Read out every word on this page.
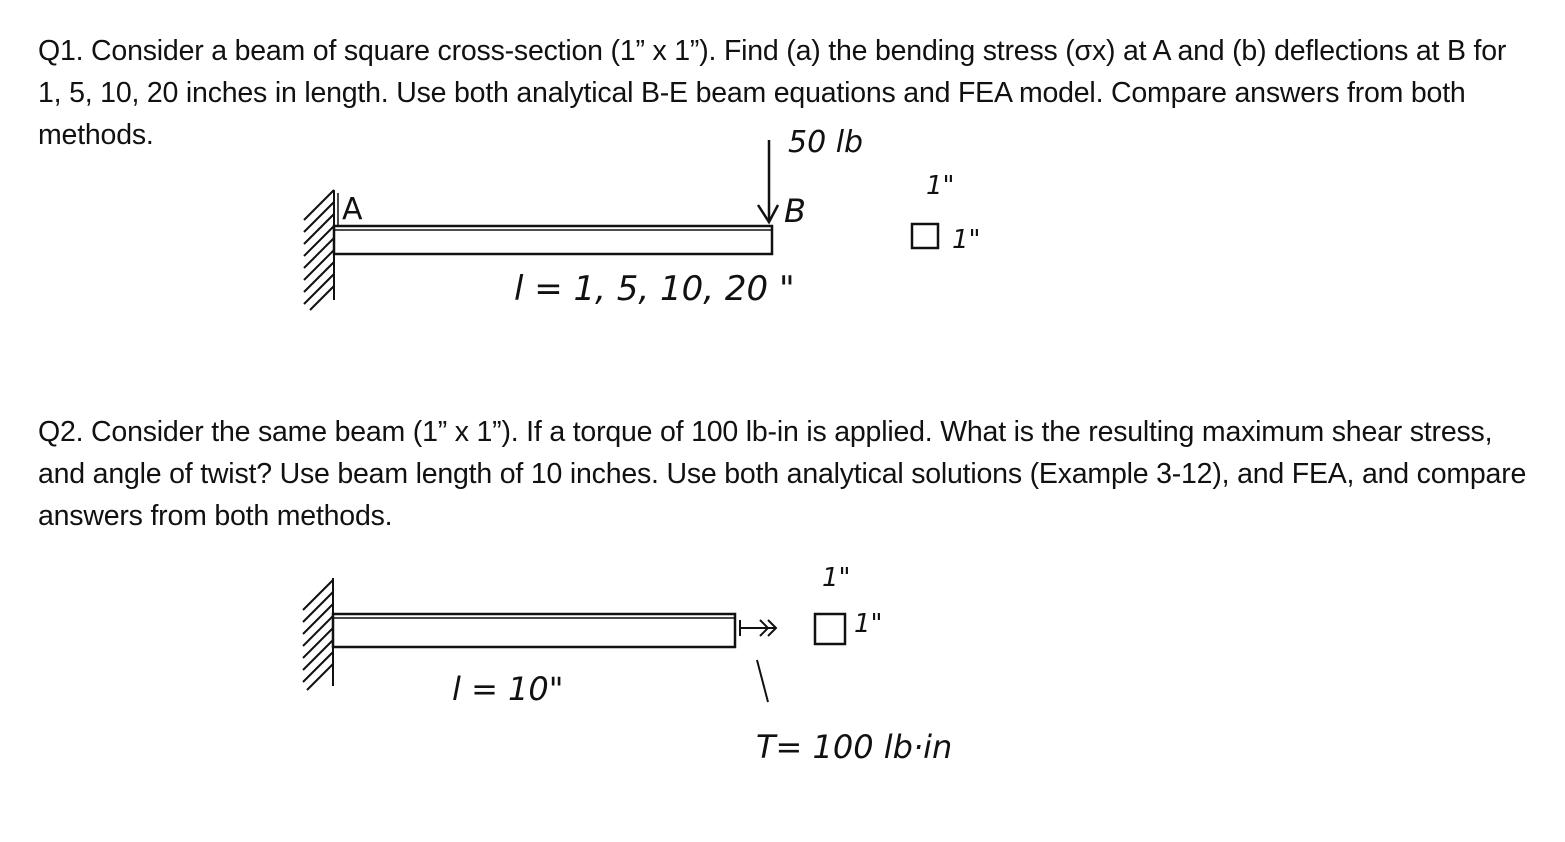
Q1. Consider a beam of square cross-section (1” x 1”). Find (a) the bending stress (σx) at A and (b) deflections at B for 1, 5, 10, 20 inches in length. Use both analytical B-E beam equations and FEA model. Compare answers from both methods.

A
50 lb
B
l = 1, 5, 10, 20 "
1"
1"

Q2. Consider the same beam (1” x 1”). If a torque of 100 lb-in is applied. What is the resulting maximum shear stress, and angle of twist? Use beam length of 10 inches. Use both analytical solutions (Example 3-12), and FEA, and compare answers from both methods.

1"
1"
l = 10"
T= 100 lb·in
